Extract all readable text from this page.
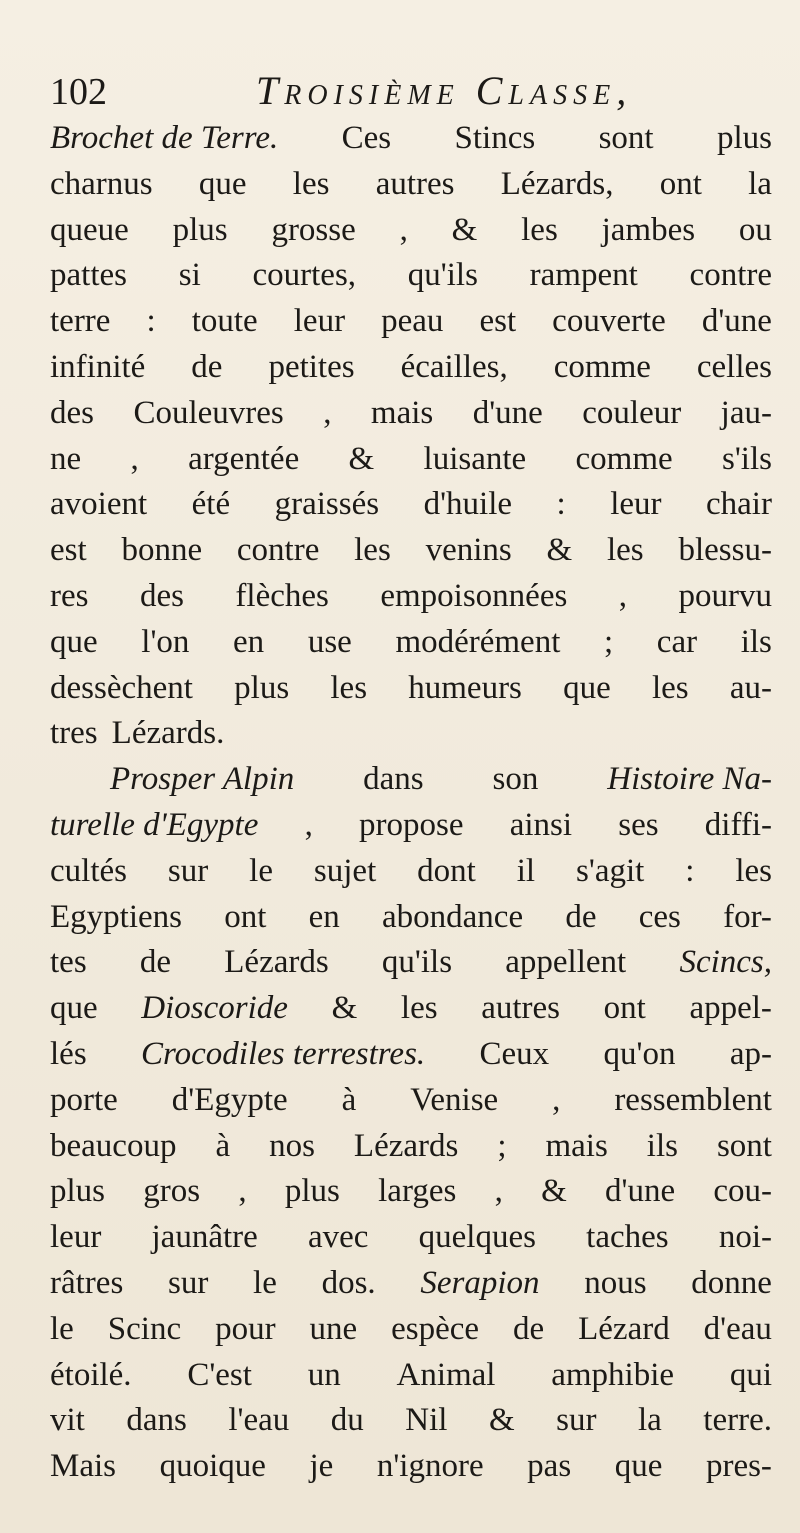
102	Troisième Classe,
Brochet de Terre. Ces Stincs sont plus
charnus que les autres Lézards, ont la
queue plus grosse , & les jambes ou
pattes si courtes, qu'ils rampent contre
terre : toute leur peau est couverte d'une
infinité de petites écailles, comme celles
des Couleuvres , mais d'une couleur jau-
ne , argentée & luisante comme s'ils
avoient été graissés d'huile : leur chair
est bonne contre les venins & les blessu-
res des flèches empoisonnées , pourvu
que l'on en use modérément ; car ils
dessèchent plus les humeurs que les au-
tres Lézards.
Prosper Alpin dans son Histoire Na-
turelle d'Egypte , propose ainsi ses diffi-
cultés sur le sujet dont il s'agit : les
Egyptiens ont en abondance de ces for-
tes de Lézards qu'ils appellent Scincs,
que Dioscoride & les autres ont appel-
lés Crocodiles terrestres. Ceux qu'on ap-
porte d'Egypte à Venise , ressemblent
beaucoup à nos Lézards ; mais ils sont
plus gros , plus larges , & d'une cou-
leur jaunâtre avec quelques taches noi-
râtres sur le dos. Serapion nous donne
le Scinc pour une espèce de Lézard d'eau
étoilé. C'est un Animal amphibie qui
vit dans l'eau du Nil & sur la terre.
Mais quoique je n'ignore pas que pres-
